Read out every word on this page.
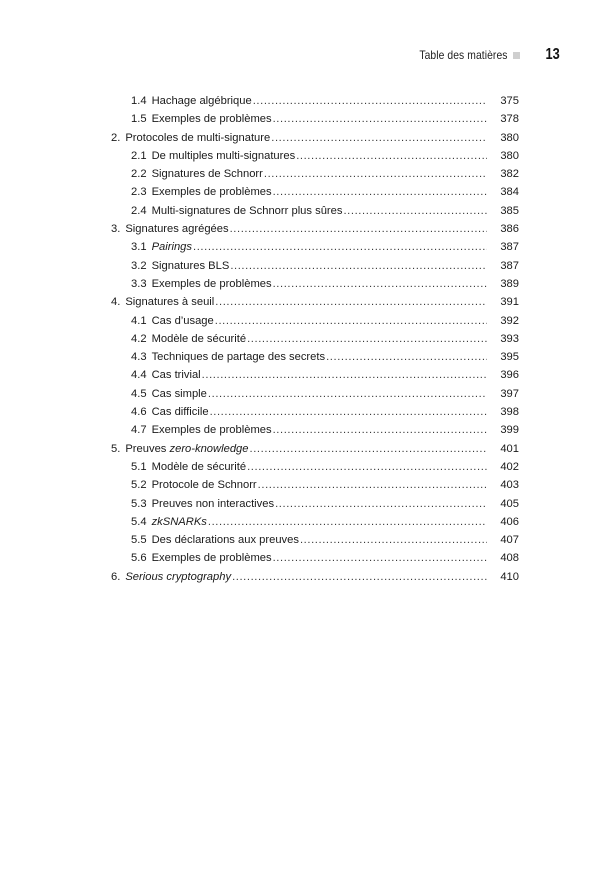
Table des matières 13
1.4 Hachage algébrique .....	375
1.5 Exemples de problèmes .....	378
2. Protocoles de multi-signature .....	380
2.1 De multiples multi-signatures .....	380
2.2 Signatures de Schnorr .....	382
2.3 Exemples de problèmes .....	384
2.4 Multi-signatures de Schnorr plus sûres .....	385
3. Signatures agrégées .....	386
3.1 Pairings .....	387
3.2 Signatures BLS .....	387
3.3 Exemples de problèmes .....	389
4. Signatures à seuil .....	391
4.1 Cas d’usage .....	392
4.2 Modèle de sécurité .....	393
4.3 Techniques de partage des secrets .....	395
4.4 Cas trivial .....	396
4.5 Cas simple .....	397
4.6 Cas difficile .....	398
4.7 Exemples de problèmes .....	399
5. Preuves zero-knowledge .....	401
5.1 Modèle de sécurité .....	402
5.2 Protocole de Schnorr .....	403
5.3 Preuves non interactives .....	405
5.4 zkSNARKs .....	406
5.5 Des déclarations aux preuves .....	407
5.6 Exemples de problèmes .....	408
6. Serious cryptography .....	410
